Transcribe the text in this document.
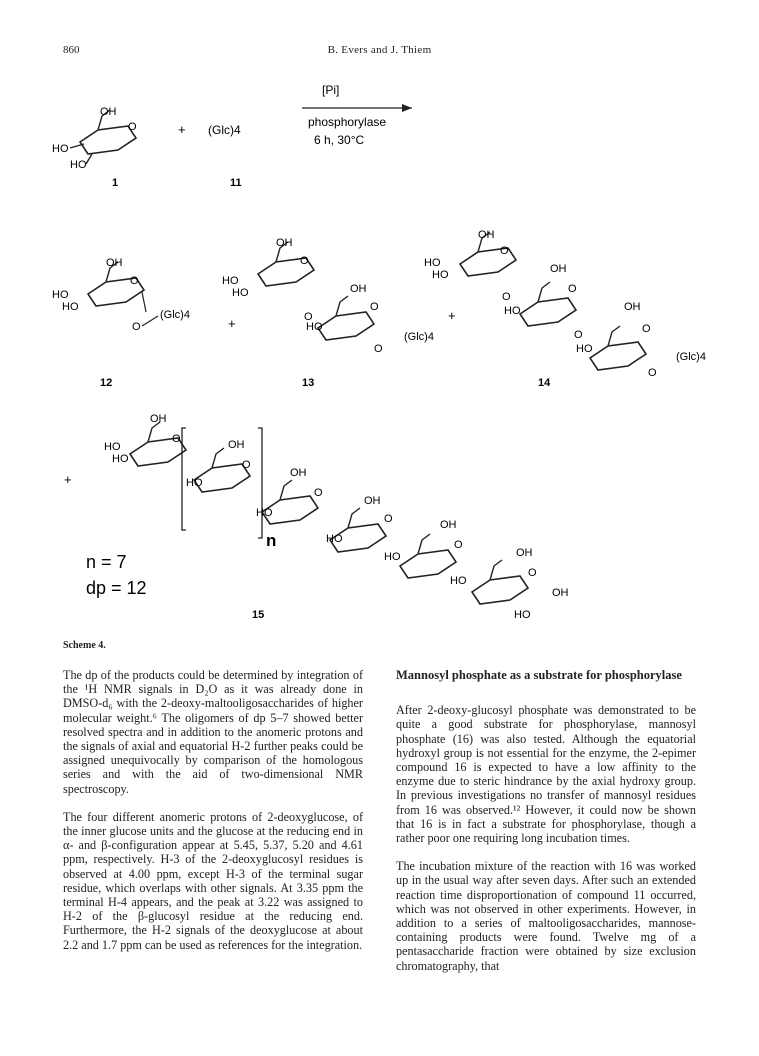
860	B. Evers and J. Thiem
OH
O
HO
HO
1
+ (Glc)4
11
[Pi]
phosphorylase
6 h, 30°C
OH
O
HO
HO
O
(Glc)4
12
+
OH
O
HO
HO
O
OH
O
HO
O
(Glc)4
13
+
OH
O
HO
HO
O
OH
O
HO
O
OH
O
HO
O
(Glc)4
14
+
OH
O
HO
HO
OH
O
HO
n
OH
O
HO
OH
O
HO
OH
O
HO	OH
O
HO
OH
HO
n = 7
dp = 12
15
Scheme 4.

The dp of the products could be determined by integration of the ¹H NMR signals in D₂O as it was already done in DMSO-d₆ with the 2-deoxy-maltooligosaccharides of higher molecular weight.⁶ The oligomers of dp 5–7 showed better resolved spectra and in addition to the anomeric protons and the signals of axial and equatorial H-2 further peaks could be assigned unequivocally by comparison of the homologous series and with the aid of two-dimensional NMR spectroscopy.

The four different anomeric protons of 2-deoxyglucose, of the inner glucose units and the glucose at the reducing end in α- and β-configuration appear at 5.45, 5.37, 5.20 and 4.61 ppm, respectively. H-3 of the 2-deoxyglucosyl residues is observed at 4.00 ppm, except H-3 of the terminal sugar residue, which overlaps with other signals. At 3.35 ppm the terminal H-4 appears, and the peak at 3.22 was assigned to H-2 of the β-glucosyl residue at the reducing end. Furthermore, the H-2 signals of the deoxyglucose at about 2.2 and 1.7 ppm can be used as references for the integration.

Mannosyl phosphate as a substrate for phosphorylase

After 2-deoxy-glucosyl phosphate was demonstrated to be quite a good substrate for phosphorylase, mannosyl phosphate (16) was also tested. Although the equatorial hydroxyl group is not essential for the enzyme, the 2-epimer compound 16 is expected to have a low affinity to the enzyme due to steric hindrance by the axial hydroxy group. In previous investigations no transfer of mannosyl residues from 16 was observed.¹² However, it could now be shown that 16 is in fact a substrate for phosphorylase, though a rather poor one requiring long incubation times.

The incubation mixture of the reaction with 16 was worked up in the usual way after seven days. After such an extended reaction time disproportionation of compound 11 occurred, which was not observed in other experiments. However, in addition to a series of maltooligosaccharides, mannose-containing products were found. Twelve mg of a pentasaccharide fraction were obtained by size exclusion chromatography, that
